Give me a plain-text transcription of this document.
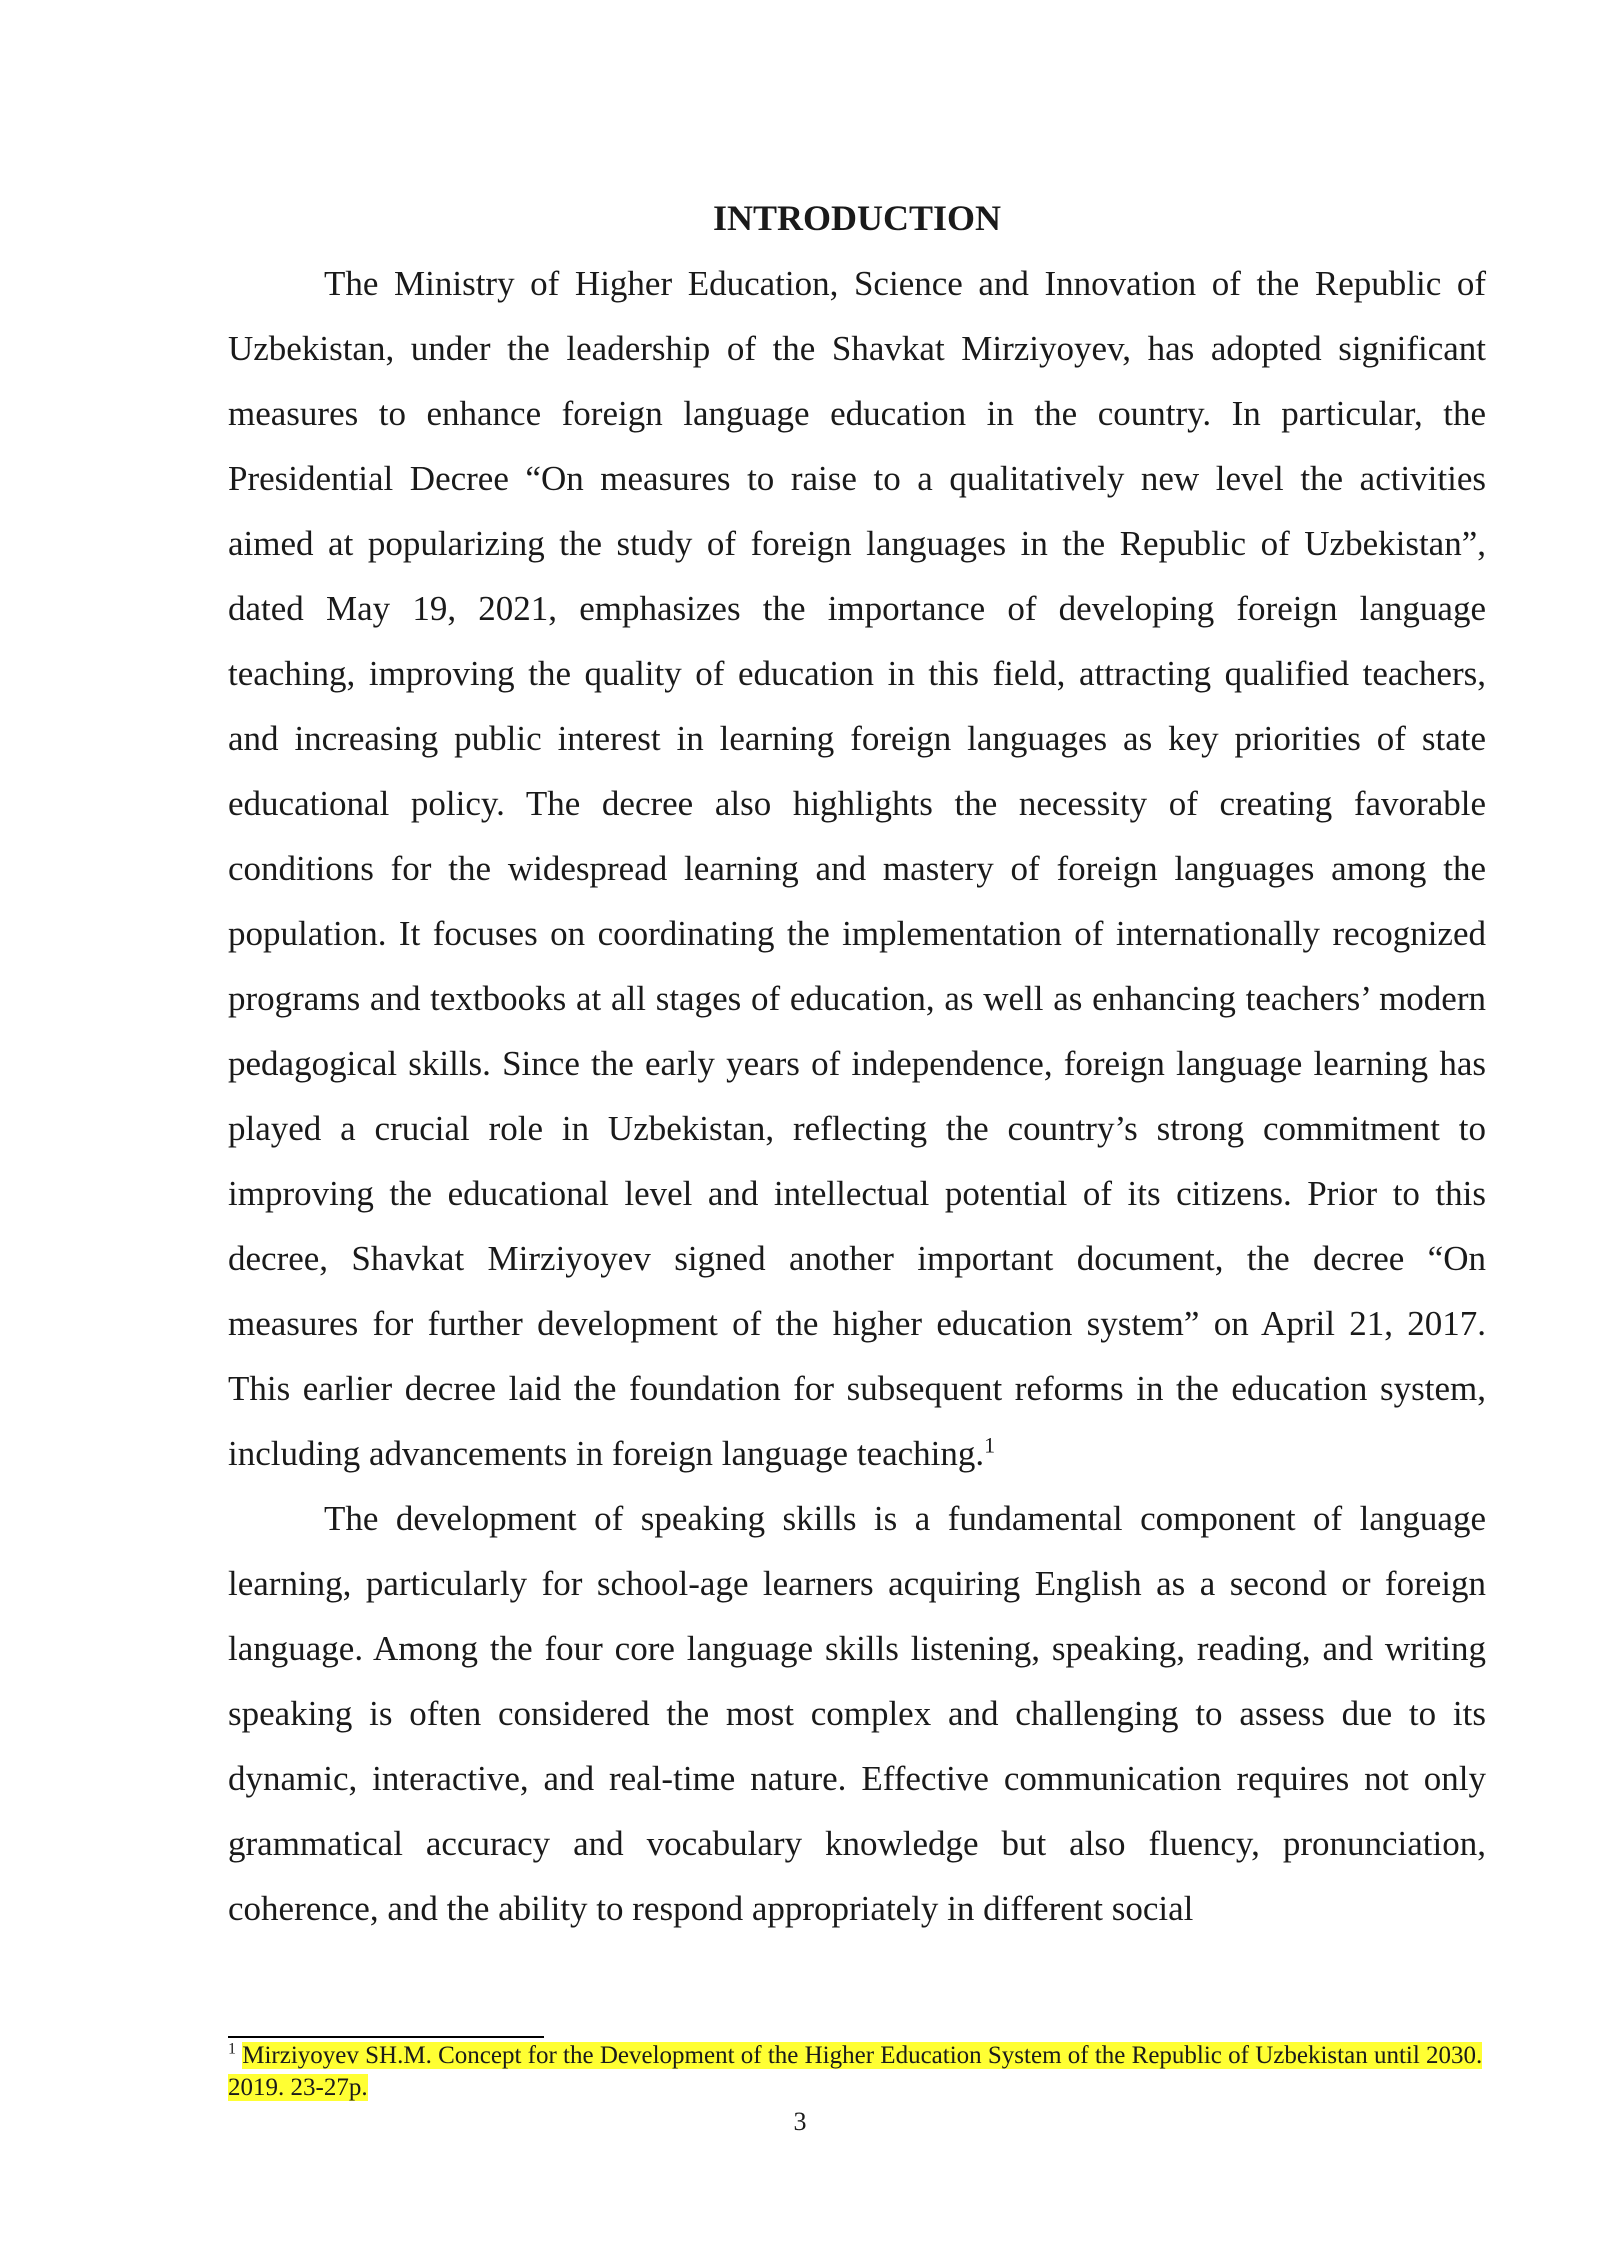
INTRODUCTION

The Ministry of Higher Education, Science and Innovation of the Republic of Uzbekistan, under the leadership of the Shavkat Mirziyoyev, has adopted significant measures to enhance foreign language education in the country. In particular, the Presidential Decree “On measures to raise to a qualitatively new level the activities aimed at popularizing the study of foreign languages in the Republic of Uzbekistan”, dated May 19, 2021, emphasizes the importance of developing foreign language teaching, improving the quality of education in this field, attracting qualified teachers, and increasing public interest in learning foreign languages as key priorities of state educational policy. The decree also highlights the necessity of creating favorable conditions for the widespread learning and mastery of foreign languages among the population. It focuses on coordinating the implementation of internationally recognized programs and textbooks at all stages of education, as well as enhancing teachers’ modern pedagogical skills. Since the early years of independence, foreign language learning has played a crucial role in Uzbekistan, reflecting the country’s strong commitment to improving the educational level and intellectual potential of its citizens. Prior to this decree, Shavkat Mirziyoyev signed another important document, the decree “On measures for further development of the higher education system” on April 21, 2017. This earlier decree laid the foundation for subsequent reforms in the education system, including advancements in foreign language teaching.$^1$

The development of speaking skills is a fundamental component of language learning, particularly for school-age learners acquiring English as a second or foreign language. Among the four core language skills listening, speaking, reading, and writing speaking is often considered the most complex and challenging to assess due to its dynamic, interactive, and real-time nature. Effective communication requires not only grammatical accuracy and vocabulary knowledge but also fluency, pronunciation, coherence, and the ability to respond appropriately in different social

$^1$ Mirziyoyev SH.M. Concept for the Development of the Higher Education System of the Republic of Uzbekistan until 2030. 2019. 23-27p.

3
